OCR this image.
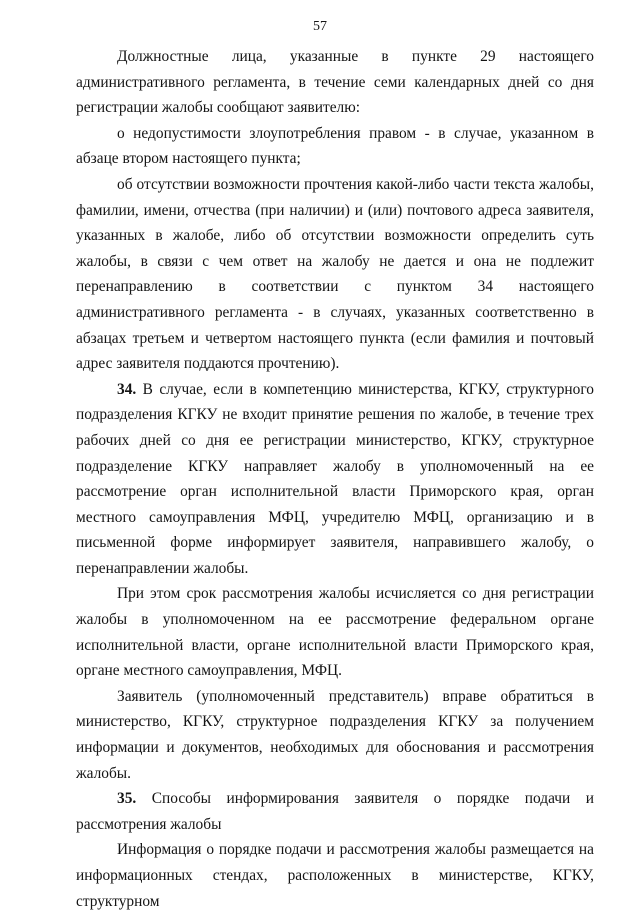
57

Должностные лица, указанные в пункте 29 настоящего административного регламента, в течение семи календарных дней со дня регистрации жалобы сообщают заявителю:

о недопустимости злоупотребления правом - в случае, указанном в абзаце втором настоящего пункта;

об отсутствии возможности прочтения какой-либо части текста жалобы, фамилии, имени, отчества (при наличии) и (или) почтового адреса заявителя, указанных в жалобе, либо об отсутствии возможности определить суть жалобы, в связи с чем ответ на жалобу не дается и она не подлежит перенаправлению в соответствии с пунктом 34 настоящего административного регламента - в случаях, указанных соответственно в абзацах третьем и четвертом настоящего пункта (если фамилия и почтовый адрес заявителя поддаются прочтению).

34. В случае, если в компетенцию министерства, КГКУ, структурного подразделения КГКУ не входит принятие решения по жалобе, в течение трех рабочих дней со дня ее регистрации министерство, КГКУ, структурное подразделение КГКУ направляет жалобу в уполномоченный на ее рассмотрение орган исполнительной власти Приморского края, орган местного самоуправления МФЦ, учредителю МФЦ, организацию и в письменной форме информирует заявителя, направившего жалобу, о перенаправлении жалобы.

При этом срок рассмотрения жалобы исчисляется со дня регистрации жалобы в уполномоченном на ее рассмотрение федеральном органе исполнительной власти, органе исполнительной власти Приморского края, органе местного самоуправления, МФЦ.

Заявитель (уполномоченный представитель) вправе обратиться в министерство, КГКУ, структурное подразделения КГКУ за получением информации и документов, необходимых для обоснования и рассмотрения жалобы.

35. Способы информирования заявителя о порядке подачи и рассмотрения жалобы

Информация о порядке подачи и рассмотрения жалобы размещается на информационных стендах, расположенных в министерстве, КГКУ, структурном
